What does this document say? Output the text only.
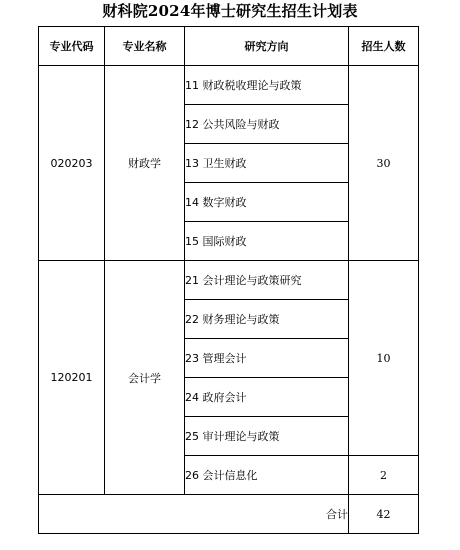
财科院2024年博士研究生招生计划表
专业代码	专业名称	研究方向	招生人数
020203	财政学	11 财政税收理论与政策	30
		12 公共风险与财政	
		13 卫生财政	
		14 数字财政	
		15 国际财政	
120201	会计学	21 会计理论与政策研究	10
		22 财务理论与政策	
		23 管理会计	
		24 政府会计	
		25 审计理论与政策	
		26 会计信息化	2
合计			42
